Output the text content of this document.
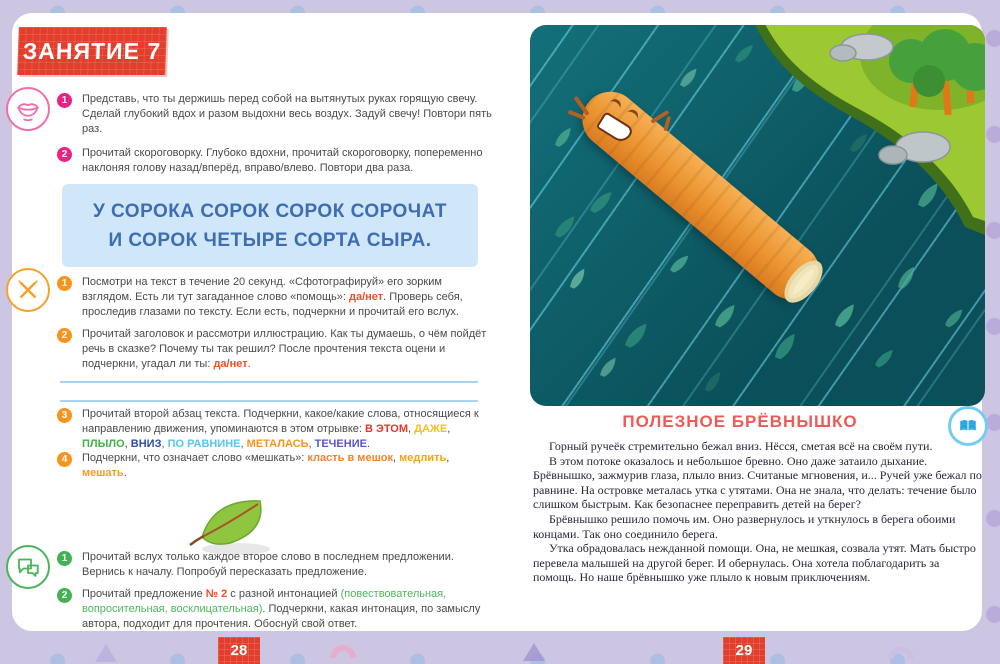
ЗАНЯТИЕ 7
1	Представь, что ты держишь перед собой на вытянутых руках горящую свечу. Сделай глубокий вдох и разом выдохни весь воздух. Задуй свечу! Повтори пять раз.

2	Прочитай скороговорку. Глубоко вдохни, прочитай скороговорку, попеременно наклоняя голову назад/вперёд, вправо/влево. Повтори два раза.

У СОРОКА СОРОК СОРОК СОРОЧАТ
И СОРОК ЧЕТЫРЕ СОРТА СЫРА.
1	Посмотри на текст в течение 20 секунд. «Сфотографируй» его зорким взглядом. Есть ли тут загаданное слово «помощь»: да/нет. Проверь себя, проследив глазами по тексту. Если есть, подчеркни и прочитай его вслух.

2	Прочитай заголовок и рассмотри иллюстрацию. Как ты думаешь, о чём пойдёт речь в сказке? Почему ты так решил? После прочтения текста оцени и подчеркни, угадал ли ты: да/нет.

3	Прочитай второй абзац текста. Подчеркни, какое/какие слова, относящиеся к направлению движения, упоминаются в этом отрывке: В ЭТОМ, ДАЖЕ, ПЛЫЛО, ВНИЗ, ПО РАВНИНЕ, МЕТАЛАСЬ, ТЕЧЕНИЕ.

4	Подчеркни, что означает слово «мешкать»: класть в мешок, медлить, мешать.

1	Прочитай вслух только каждое второе слово в последнем предложении. Вернись к началу. Попробуй пересказать предложение.

2	Прочитай предложение № 2 с разной интонацией (повествовательная, вопросительная, восклицательная). Подчеркни, какая интонация, по замыслу автора, подходит для прочтения. Обоснуй свой ответ.

ПОЛЕЗНОЕ БРЁВНЫШКО

Горный ручеёк стремительно бежал вниз. Нёсся, сметая всё на своём пути.

В этом потоке оказалось и небольшое бревно. Оно даже затаило дыхание. Брёвнышко, зажмурив глаза, плыло вниз. Считаные мгновения, и... Ручей уже бежал по равнине. На островке металась утка с утятами. Она не знала, что делать: течение было слишком быстрым. Как безопаснее переправить детей на берег?

Брёвнышко решило помочь им. Оно развернулось и уткнулось в берега обоими концами. Так оно соединило берега.

Утка обрадовалась нежданной помощи. Она, не мешкая, созвала утят. Мать быстро перевела малышей на другой берег. И обернулась. Она хотела поблагодарить за помощь. Но наше брёвнышко уже плыло к новым приключениям.

28	29
